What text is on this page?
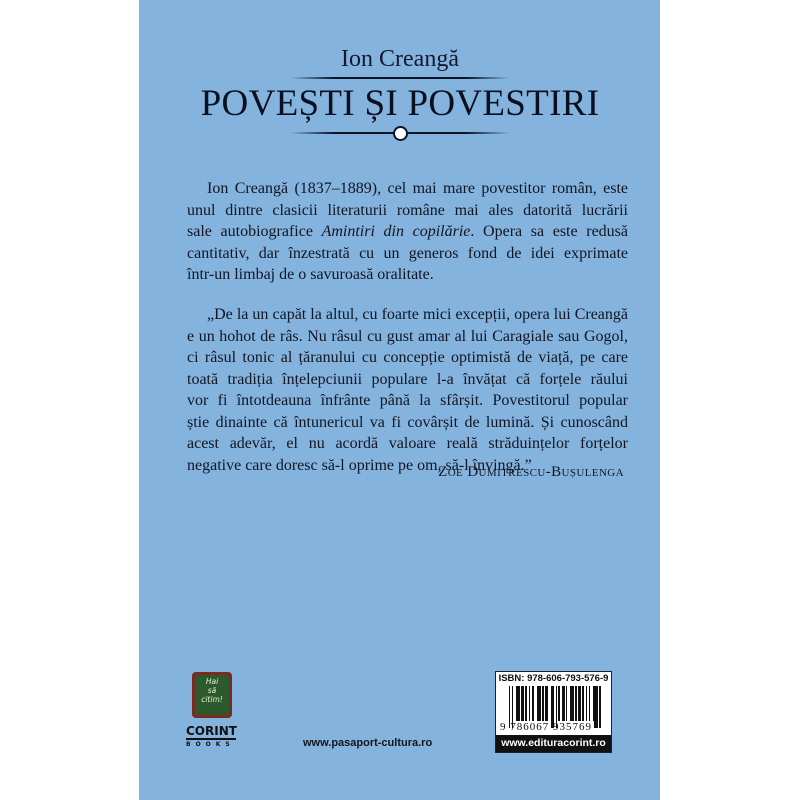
Ion Creangă
POVEȘTI ȘI POVESTIRI
Ion Creangă (1837–1889), cel mai mare povestitor român, este
unul dintre clasicii literaturii române mai ales datorită lucrării
sale autobiografice Amintiri din copilărie. Opera sa este redusă
cantitativ, dar înzestrată cu un generos fond de idei exprimate
într-un limbaj de o savuroasă oralitate.
„De la un capăt la altul, cu foarte mici excepții, opera lui Creangă
e un hohot de râs. Nu râsul cu gust amar al lui Caragiale sau Gogol,
ci râsul tonic al țăranului cu concepție optimistă de viață, pe care
toată tradiția înțelepciunii populare l-a învățat că forțele răului
vor fi întotdeauna înfrânte până la sfârșit. Povestitorul popular
știe dinainte că întunericul va fi covârșit de lumină. Și cunoscând
acest adevăr, el nu acordă valoare reală străduințelor forțelor
negative care doresc să-l oprime pe om, să-l învingă.”
Zoe Dumitrescu-Bușulenga
Hai
să
citim!
CORINT
BOOKS	www.pasaport-cultura.ro
ISBN: 978-606-793-576-9
9 786067 935769
www.edituracorint.ro
